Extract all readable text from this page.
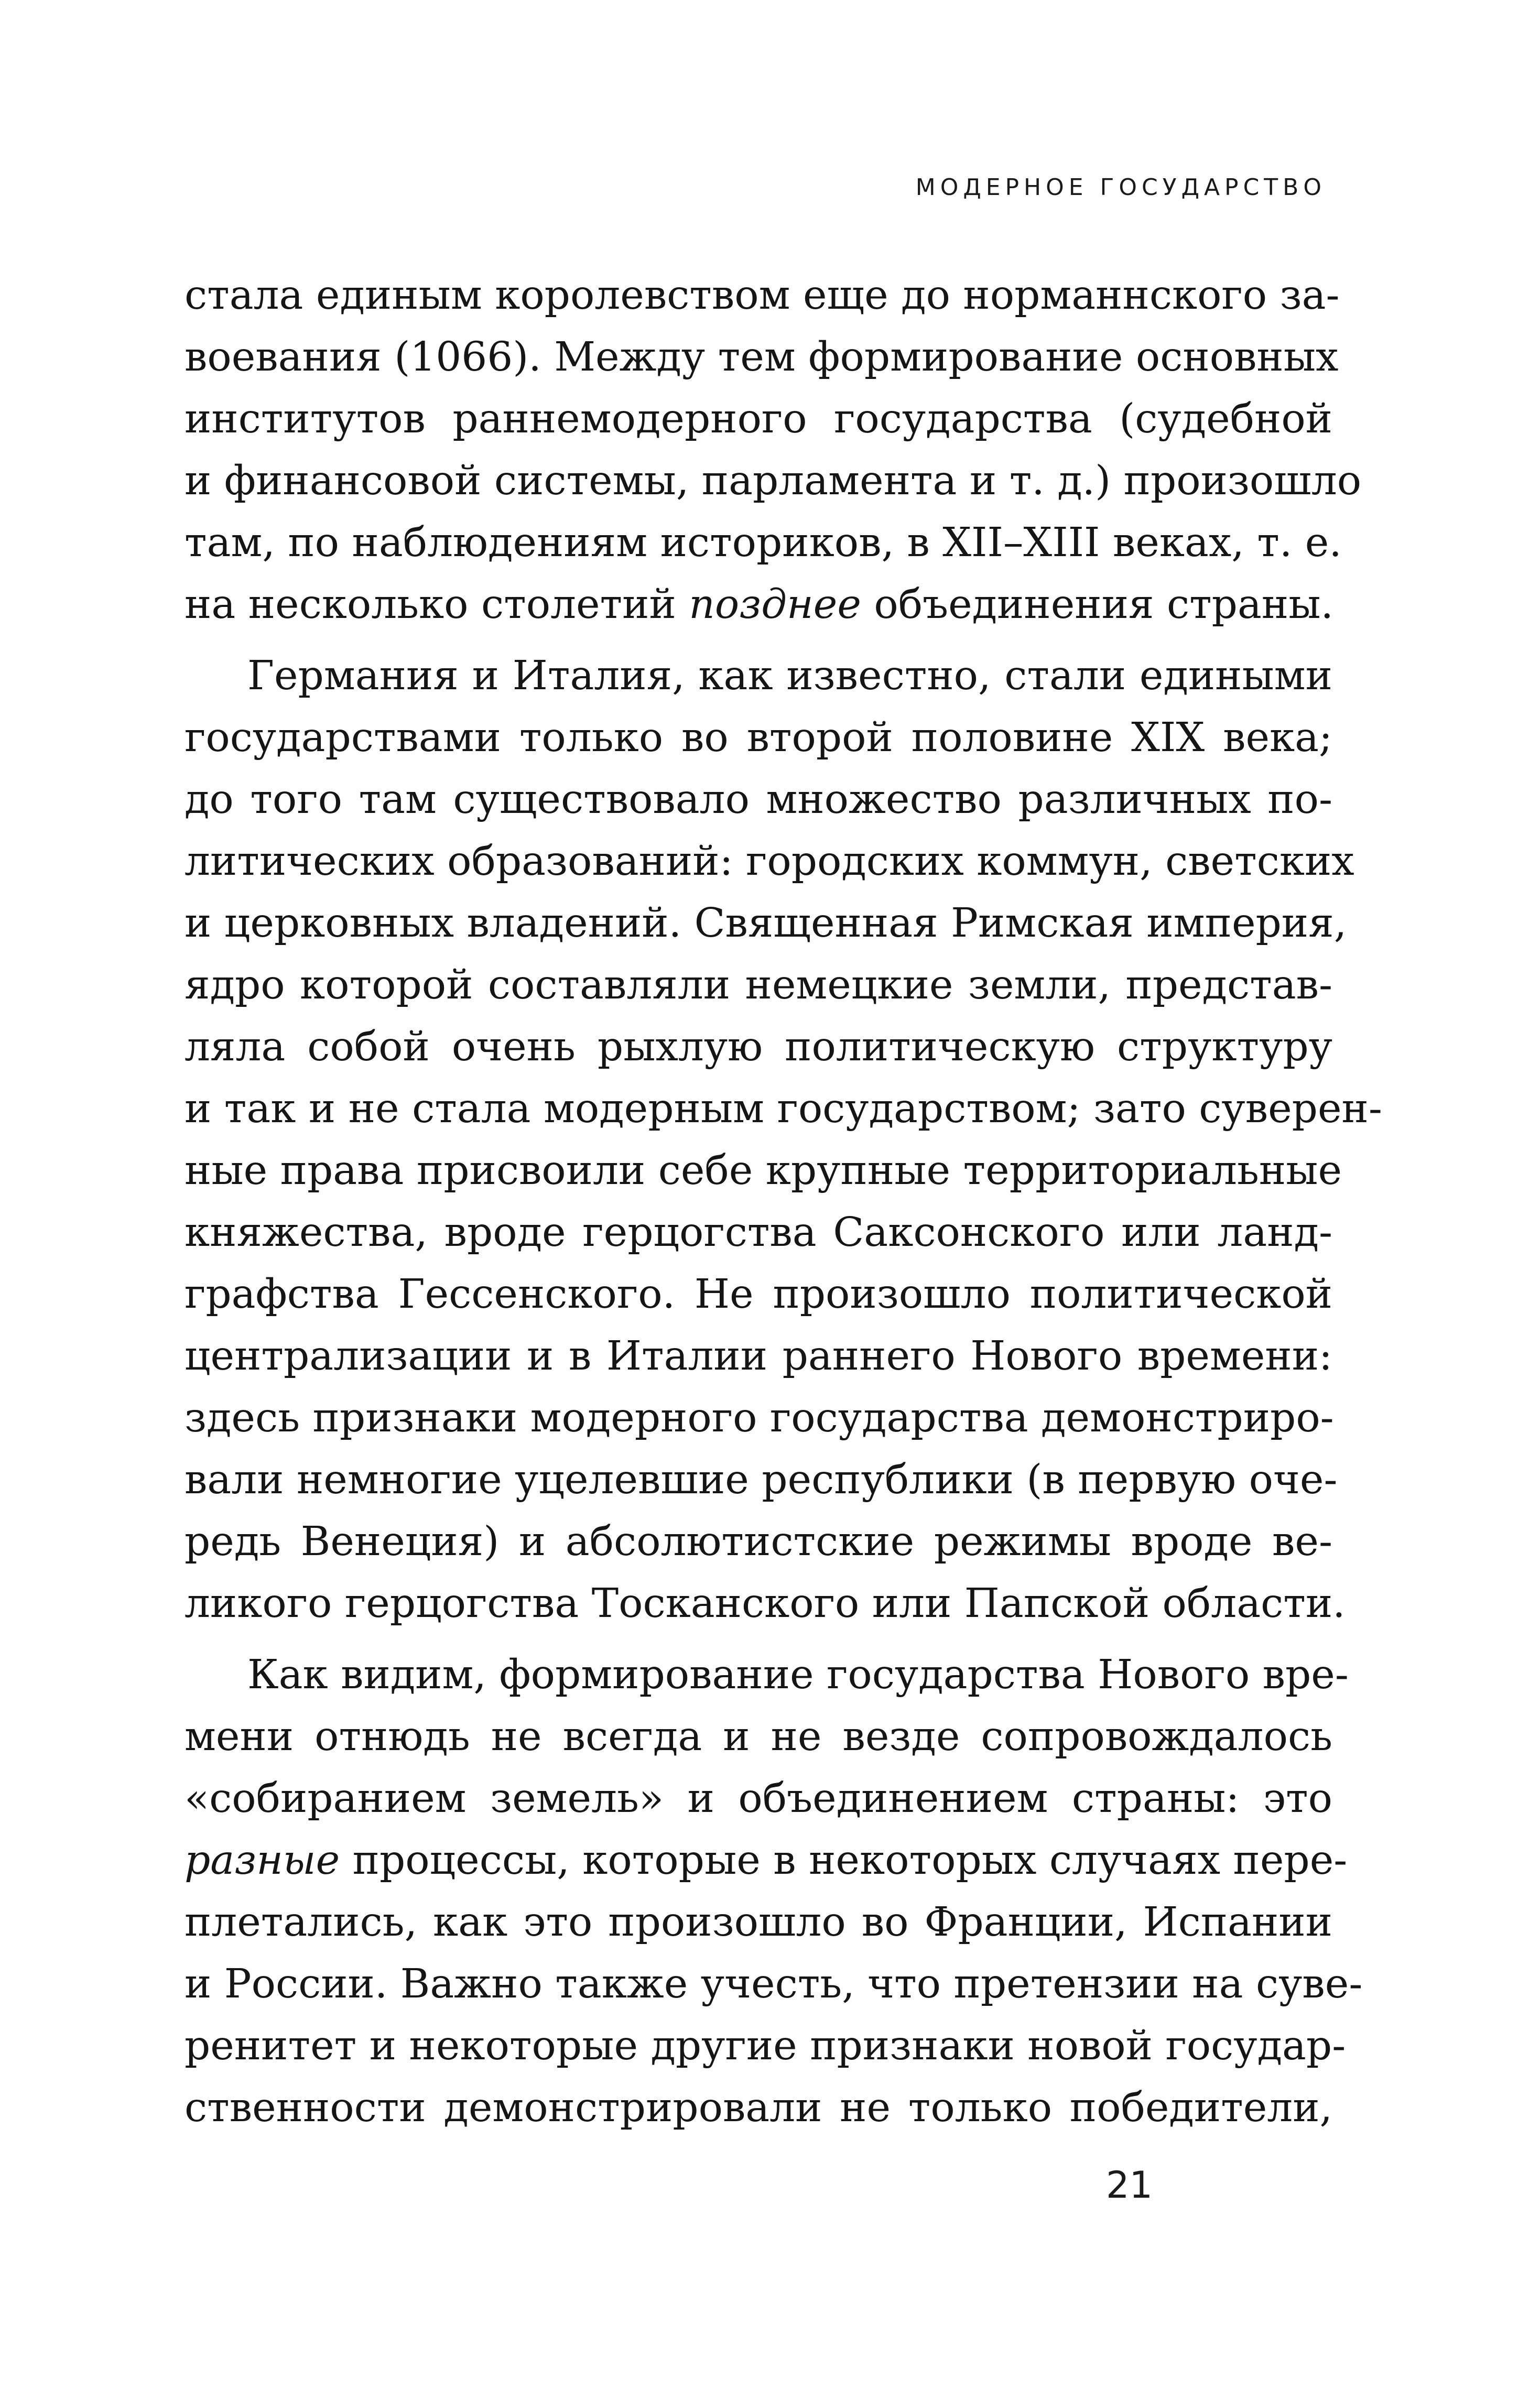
МОДЕРНОЕ ГОСУДАРСТВО
стала единым королевством еще до норманнского за-
воевания (1066). Между тем формирование основных
институтов раннемодерного государства (судебной
и финансовой системы, парламента и т. д.) произошло
там, по наблюдениям историков, в XII–XIII веках, т. е.
на несколько столетий позднее объединения страны.
Германия и Италия, как известно, стали едиными
государствами только во второй половине XIX века;
до того там существовало множество различных по-
литических образований: городских коммун, светских
и церковных владений. Священная Римская империя,
ядро которой составляли немецкие земли, представ-
ляла собой очень рыхлую политическую структуру
и так и не стала модерным государством; зато суверен-
ные права присвоили себе крупные территориальные
княжества, вроде герцогства Саксонского или ланд-
графства Гессенского. Не произошло политической
централизации и в Италии раннего Нового времени:
здесь признаки модерного государства демонстриро-
вали немногие уцелевшие республики (в первую оче-
редь Венеция) и абсолютистские режимы вроде ве-
ликого герцогства Тосканского или Папской области.
Как видим, формирование государства Нового вре-
мени отнюдь не всегда и не везде сопровождалось
«собиранием земель» и объединением страны: это
разные процессы, которые в некоторых случаях пере-
плетались, как это произошло во Франции, Испании
и России. Важно также учесть, что претензии на суве-
ренитет и некоторые другие признаки новой государ-
ственности демонстрировали не только победители,
21
